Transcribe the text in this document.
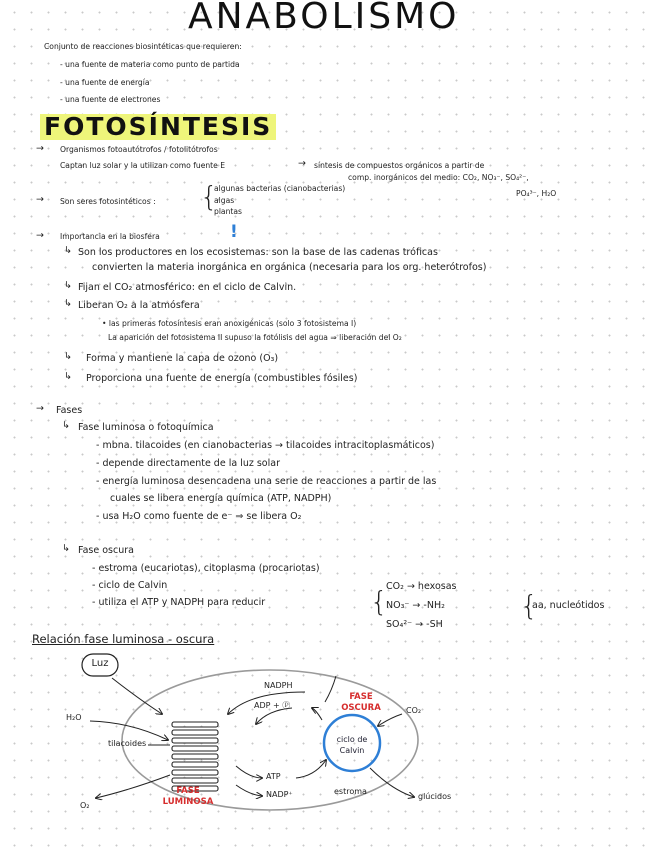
ANABOLISMO
Conjunto de reacciones biosintéticas que requieren:
- una fuente de materia como punto de partida
- una fuente de energía
- una fuente de electrones
FOTOSÍNTESIS
→ Organismos fotoautótrofos / fotolitótrofos
Captan luz solar y la utilizan como fuente E	→ síntesis de compuestos orgánicos a partir de
comp. inorgánicos del medio: CO₂, NO₃⁻, SO₄²⁻,
PO₄³⁻, H₂O
→ Son seres fotosintéticos : {
algunas bacterias (cianobacterias)
algas
plantas
→ Importancia en la biosfera	!
↳ Son los productores en los ecosistemas: son la base de las cadenas tróficas
convierten la materia inorgánica en orgánica (necesaria para los org. heterótrofos)
↳ Fijan el CO₂ atmosférico: en el ciclo de Calvin.
↳ Liberan O₂ a la atmósfera
• las primeras fotosíntesis eran anoxigénicas (solo 3 fotosistema I)
La aparición del fotosistema II supuso la fotólisis del agua ⇒ liberación del O₂
↳ Forma y mantiene la capa de ozono (O₃)
↳ Proporciona una fuente de energía (combustibles fósiles)
→ Fases
↳ Fase luminosa o fotoquímica
- mbna. tilacoides (en cianobacterias → tilacoides intracitoplasmáticos)
- depende directamente de la luz solar
- energía luminosa desencadena una serie de reacciones a partir de las
cuales se libera energía química (ATP, NADPH)
- usa H₂O como fuente de e⁻ ⇒ se libera O₂
↳ Fase oscura
- estroma (eucariotas), citoplasma (procariotas)
- ciclo de Calvin
- utiliza el ATP y NADPH para reducir	{
CO₂ → hexosas
NO₃⁻ → -NH₂
SO₄²⁻ → -SH
{
aa, nucleótidos
Relación fase luminosa - oscura
Luz
H₂O
O₂
tilacoides
NADPH
ADP + Ⓟ
ATP
NADP⁺
FASE
OSCURA
FASE
LUMINOSA
CO₂
ciclo de
Calvin
estroma
glúcidos
